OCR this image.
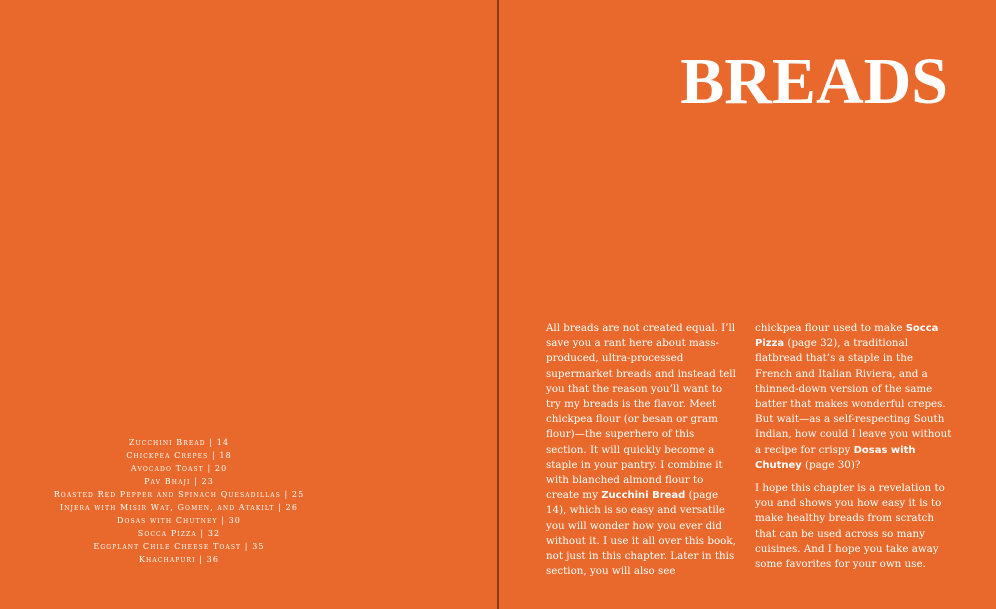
Zucchini Bread | 14
Chickpea Crepes | 18
Avocado Toast | 20
Pav Bhaji | 23
Roasted Red Pepper and Spinach Quesadillas | 25
Injera with Misir Wat, Gomen, and Atakilt | 26
Dosas with Chutney | 30
Socca Pizza | 32
Eggplant Chile Cheese Toast | 35
Khachapuri | 36
BREADS

All breads are not created equal. I’ll save you a rant here about mass-produced, ultra-processed supermarket breads and instead tell you that the reason you’ll want to try my breads is the flavor. Meet chickpea flour (or besan or gram flour)—the superhero of this section. It will quickly become a staple in your pantry. I combine it with blanched almond flour to create my Zucchini Bread (page 14), which is so easy and versatile you will wonder how you ever did without it. I use it all over this book, not just in this chapter. Later in this section, you will also see

chickpea flour used to make Socca Pizza (page 32), a traditional flatbread that’s a staple in the French and Italian Riviera, and a thinned-down version of the same batter that makes wonderful crepes. But wait—as a self-respecting South Indian, how could I leave you without a recipe for crispy Dosas with Chutney (page 30)?

I hope this chapter is a revelation to you and shows you how easy it is to make healthy breads from scratch that can be used across so many cuisines. And I hope you take away some favorites for your own use.
